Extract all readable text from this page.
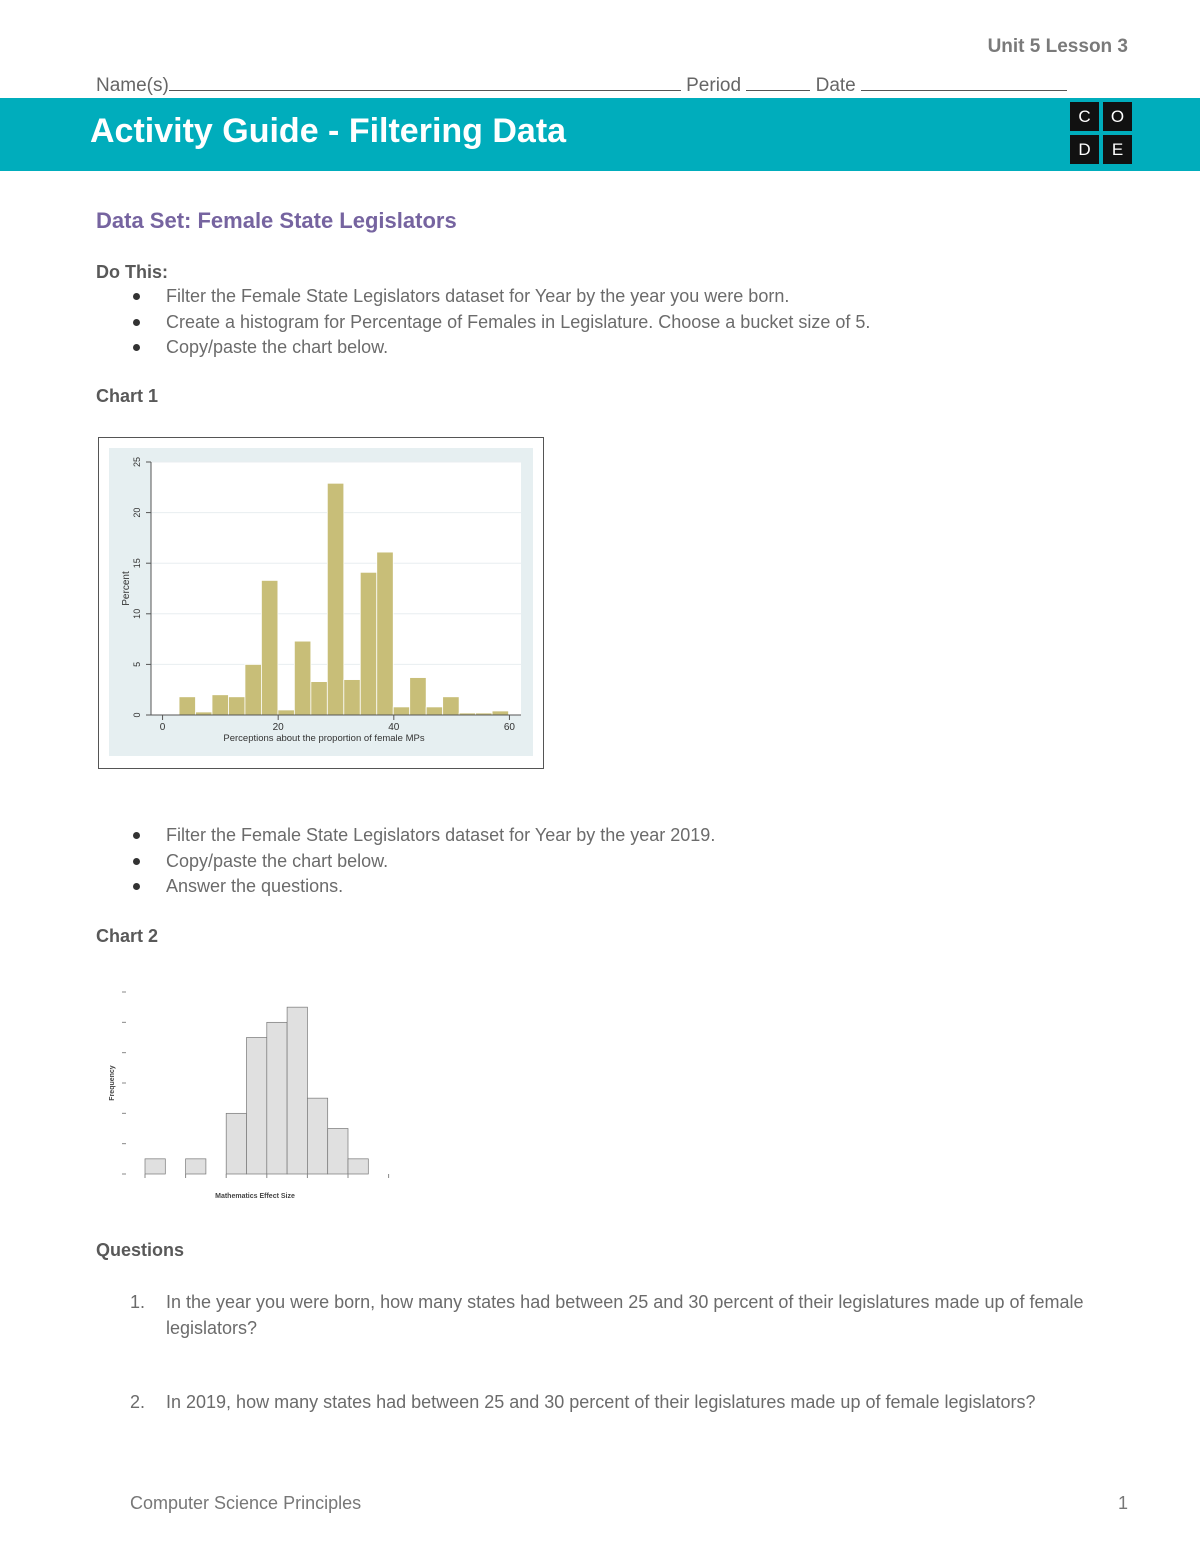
Unit 5 Lesson 3
Name(s)	Period	Date
Activity Guide - Filtering Data	C	O
D	E
Data Set: Female State Legislators
Do This:
Filter the Female State Legislators dataset for Year by the year you were born.
Create a histogram for Percentage of Females in Legislature. Choose a bucket size of 5.
Copy/paste the chart below.
Chart 1
0
5
10
15
20
25
0	20	40	60
Perceptions about the proportion of female MPs
Percent
Filter the Female State Legislators dataset for Year by the year 2019.
Copy/paste the chart below.
Answer the questions.
Chart 2
Mathematics Effect Size
Frequency
Questions
1. In the year you were born, how many states had between 25 and 30 percent of their legislatures made up of female legislators?
2. In 2019, how many states had between 25 and 30 percent of their legislatures made up of female legislators?
Computer Science Principles	1
